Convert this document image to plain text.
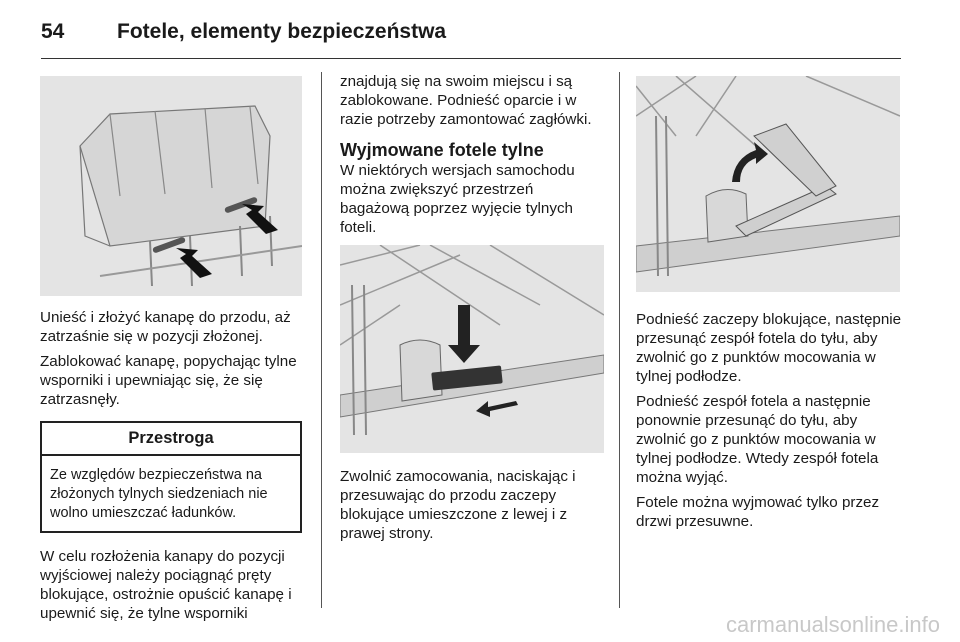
54	Fotele, elementy bezpieczeństwa

Unieść i złożyć kanapę do przodu, aż zatrzaśnie się w pozycji złożonej.

Zablokować kanapę, popychając tylne wsporniki i upewniając się, że się zatrzasnęły.

Przestroga
Ze względów bezpieczeństwa na złożonych tylnych siedzeniach nie wolno umieszczać ładunków.

W celu rozłożenia kanapy do pozycji wyjściowej należy pociągnąć pręty blokujące, ostrożnie opuścić kanapę i upewnić się, że tylne wsporniki

znajdują się na swoim miejscu i są zablokowane. Podnieść oparcie i w razie potrzeby zamontować zagłówki.

Wyjmowane fotele tylne

W niektórych wersjach samochodu można zwiększyć przestrzeń bagażową poprzez wyjęcie tylnych foteli.

Zwolnić zamocowania, naciskając i przesuwając do przodu zaczepy blokujące umieszczone z lewej i z prawej strony.

Podnieść zaczepy blokujące, następnie przesunąć zespół fotela do tyłu, aby zwolnić go z punktów mocowania w tylnej podłodze.

Podnieść zespół fotela a następnie ponownie przesunąć do tyłu, aby zwolnić go z punktów mocowania w tylnej podłodze. Wtedy zespół fotela można wyjąć.

Fotele można wyjmować tylko przez drzwi przesuwne.

carmanualsonline.info
